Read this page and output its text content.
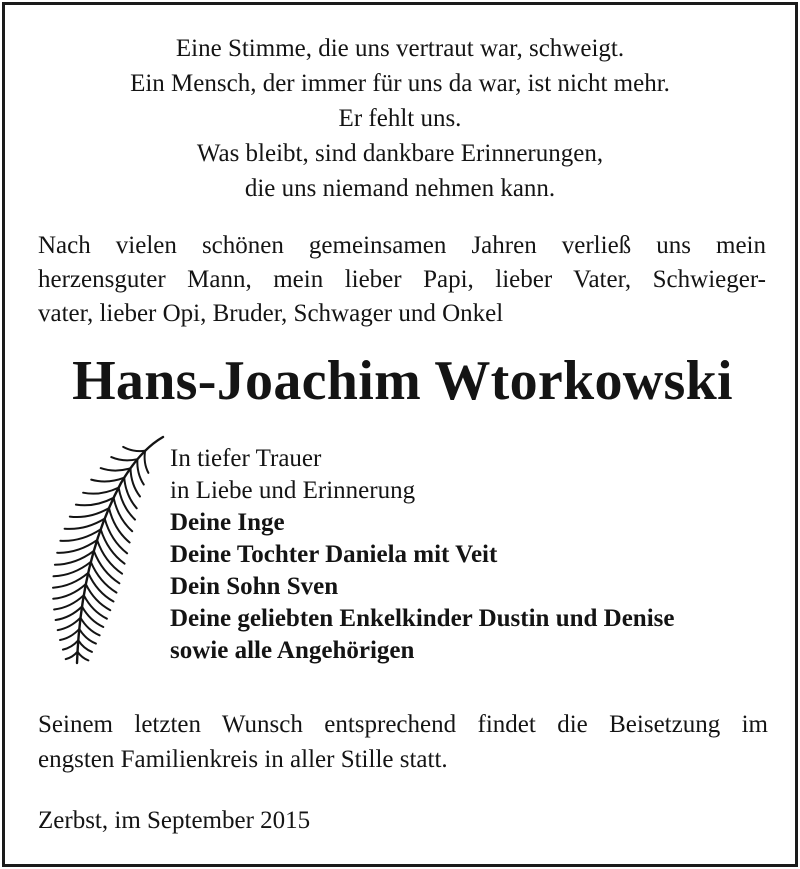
Eine Stimme, die uns vertraut war, schweigt.
Ein Mensch, der immer für uns da war, ist nicht mehr.
Er fehlt uns.
Was bleibt, sind dankbare Erinnerungen,
die uns niemand nehmen kann.
Nach vielen schönen gemeinsamen Jahren verließ uns mein
herzensguter Mann, mein lieber Papi, lieber Vater, Schwieger-
vater, lieber Opi, Bruder, Schwager und Onkel
Hans-Joachim Wtorkowski
In tiefer Trauer
in Liebe und Erinnerung
Deine Inge
Deine Tochter Daniela mit Veit
Dein Sohn Sven
Deine geliebten Enkelkinder Dustin und Denise
sowie alle Angehörigen
Seinem letzten Wunsch entsprechend findet die Beisetzung im
engsten Familienkreis in aller Stille statt.
Zerbst, im September 2015
